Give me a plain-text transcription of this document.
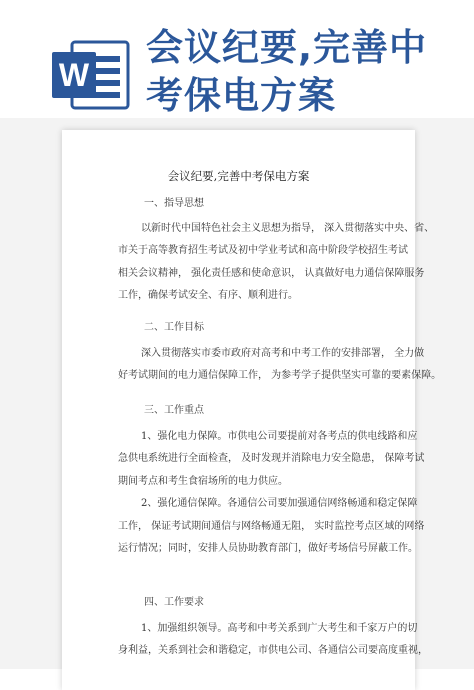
W
会议纪要,完善中考保电方案
会议纪要,完善中考保电方案
一、指导思想
以新时代中国特色社会主义思想为指导， 深入贯彻落实中央、省、
市关于高等教育招生考试及初中学业考试和高中阶段学校招生考试
相关会议精神， 强化责任感和使命意识， 认真做好电力通信保障服务
工作，确保考试安全、有序、顺利进行。
二、工作目标
深入贯彻落实市委市政府对高考和中考工作的安排部署， 全力做
好考试期间的电力通信保障工作， 为参考学子提供坚实可靠的要素保障。
三、工作重点
1、强化电力保障。市供电公司要提前对各考点的供电线路和应
急供电系统进行全面检查， 及时发现并消除电力安全隐患， 保障考试
期间考点和考生食宿场所的电力供应。
2、强化通信保障。各通信公司要加强通信网络畅通和稳定保障
工作， 保证考试期间通信与网络畅通无阻， 实时监控考点区域的网络
运行情况；同时，安排人员协助教育部门，做好考场信号屏蔽工作。
四、工作要求
1、加强组织领导。高考和中考关系到广大考生和千家万户的切
身利益，关系到社会和谐稳定，市供电公司、各通信公司要高度重视，
